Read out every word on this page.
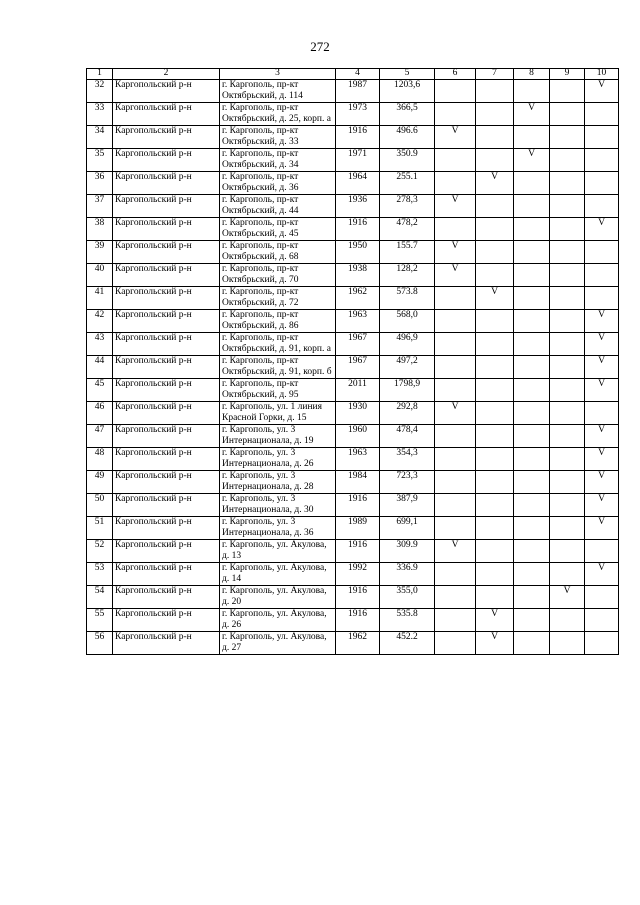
272
1	2	3	4	5	6	7	8	9	10
32	Каргопольский р-н	г. Каргополь, пр-кт Октябрьский, д. 114	1987	1203,6					V
33	Каргопольский р-н	г. Каргополь, пр-кт Октябрьский, д. 25, корп. а	1973	366,5			V		
34	Каргопольский р-н	г. Каргополь, пр-кт Октябрьский, д. 33	1916	496.6	V				
35	Каргопольский р-н	г. Каргополь, пр-кт Октябрьский, д. 34	1971	350.9			V		
36	Каргопольский р-н	г. Каргополь, пр-кт Октябрьский, д. 36	1964	255.1		V			
37	Каргопольский р-н	г. Каргополь, пр-кт Октябрьский, д. 44	1936	278,3	V				
38	Каргопольский р-н	г. Каргополь, пр-кт Октябрьский, д. 45	1916	478,2					V
39	Каргопольский р-н	г. Каргополь, пр-кт Октябрьский, д. 68	1950	155.7	V				
40	Каргопольский р-н	г. Каргополь, пр-кт Октябрьский, д. 70	1938	128,2	V				
41	Каргопольский р-н	г. Каргополь, пр-кт Октябрьский, д. 72	1962	573.8		V			
42	Каргопольский р-н	г. Каргополь, пр-кт Октябрьский, д. 86	1963	568,0					V
43	Каргопольский р-н	г. Каргополь, пр-кт Октябрьский, д. 91, корп. а	1967	496,9					V
44	Каргопольский р-н	г. Каргополь, пр-кт Октябрьский, д. 91, корп. б	1967	497,2					V
45	Каргопольский р-н	г. Каргополь, пр-кт Октябрьский, д. 95	2011	1798,9					V
46	Каргопольский р-н	г. Каргополь, ул. 1 линия Красной Горки, д. 15	1930	292,8	V				
47	Каргопольский р-н	г. Каргополь, ул. 3 Интернационала, д. 19	1960	478,4					V
48	Каргопольский р-н	г. Каргополь, ул. 3 Интернационала, д. 26	1963	354,3					V
49	Каргопольский р-н	г. Каргополь, ул. 3 Интернационала, д. 28	1984	723,3					V
50	Каргопольский р-н	г. Каргополь, ул. 3 Интернационала, д. 30	1916	387,9					V
51	Каргопольский р-н	г. Каргополь, ул. 3 Интернационала, д. 36	1989	699,1					V
52	Каргопольский р-н	г. Каргополь, ул. Акулова, д. 13	1916	309.9	V				
53	Каргопольский р-н	г. Каргополь, ул. Акулова, д. 14	1992	336.9					V
54	Каргопольский р-н	г. Каргополь, ул. Акулова, д. 20	1916	355,0				V	
55	Каргопольский р-н	г. Каргополь, ул. Акулова, д. 26	1916	535.8		V			
56	Каргопольский р-н	г. Каргополь, ул. Акулова, д. 27	1962	452.2		V			
